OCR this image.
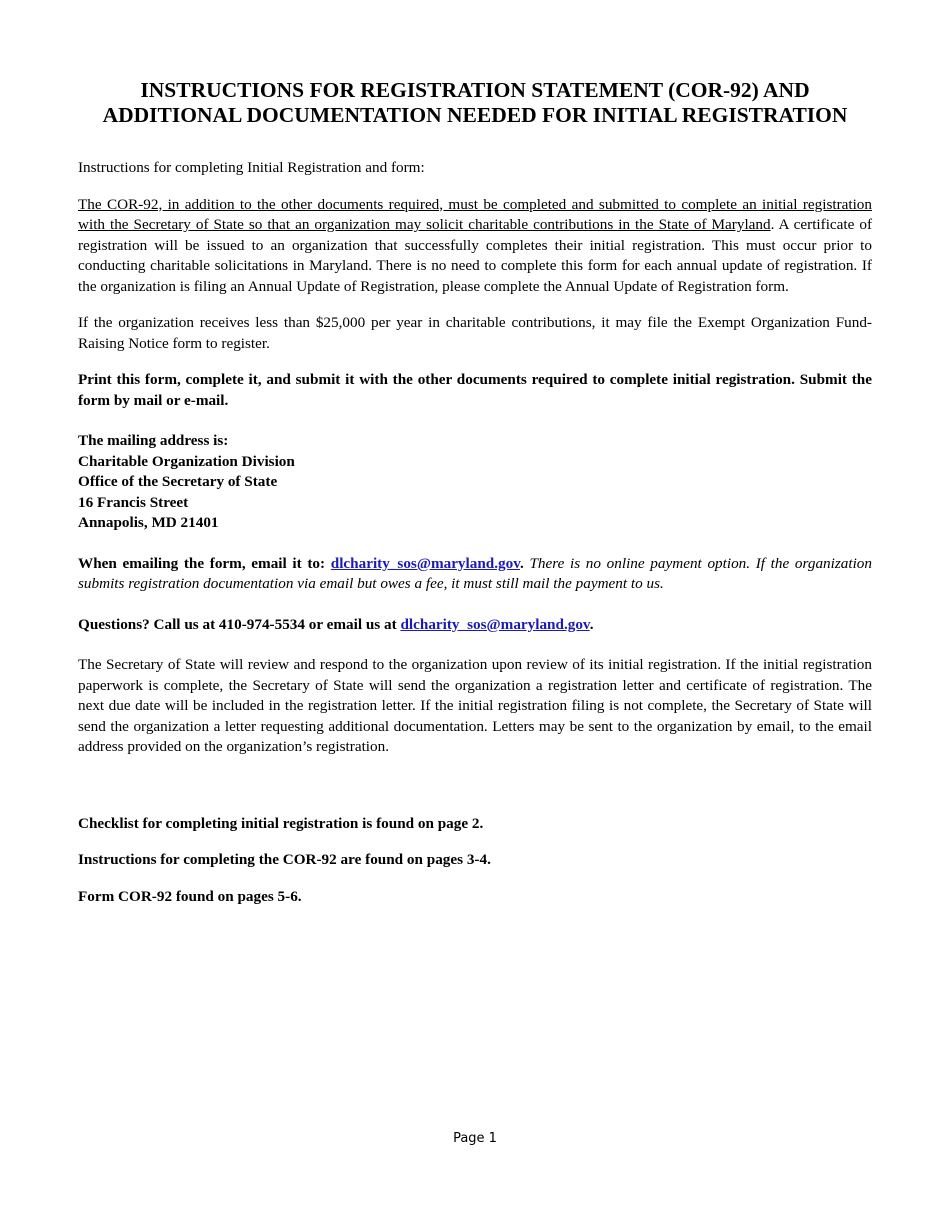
INSTRUCTIONS FOR REGISTRATION STATEMENT (COR-92) AND
ADDITIONAL DOCUMENTATION NEEDED FOR INITIAL REGISTRATION

Instructions for completing Initial Registration and form:

The COR-92, in addition to the other documents required, must be completed and submitted to complete an initial registration with the Secretary of State so that an organization may solicit charitable contributions in the State of Maryland. A certificate of registration will be issued to an organization that successfully completes their initial registration. This must occur prior to conducting charitable solicitations in Maryland. There is no need to complete this form for each annual update of registration. If the organization is filing an Annual Update of Registration, please complete the Annual Update of Registration form.

If the organization receives less than $25,000 per year in charitable contributions, it may file the Exempt Organization Fund-Raising Notice form to register.

Print this form, complete it, and submit it with the other documents required to complete initial registration. Submit the form by mail or e-mail.

The mailing address is:
Charitable Organization Division
Office of the Secretary of State
16 Francis Street
Annapolis, MD 21401

When emailing the form, email it to: dlcharity_sos@maryland.gov. There is no online payment option. If the organization submits registration documentation via email but owes a fee, it must still mail the payment to us.

Questions? Call us at 410-974-5534 or email us at dlcharity_sos@maryland.gov.

The Secretary of State will review and respond to the organization upon review of its initial registration. If the initial registration paperwork is complete, the Secretary of State will send the organization a registration letter and certificate of registration. The next due date will be included in the registration letter. If the initial registration filing is not complete, the Secretary of State will send the organization a letter requesting additional documentation. Letters may be sent to the organization by email, to the email address provided on the organization’s registration.

Checklist for completing initial registration is found on page 2.

Instructions for completing the COR-92 are found on pages 3-4.

Form COR-92 found on pages 5-6.

Page 1
